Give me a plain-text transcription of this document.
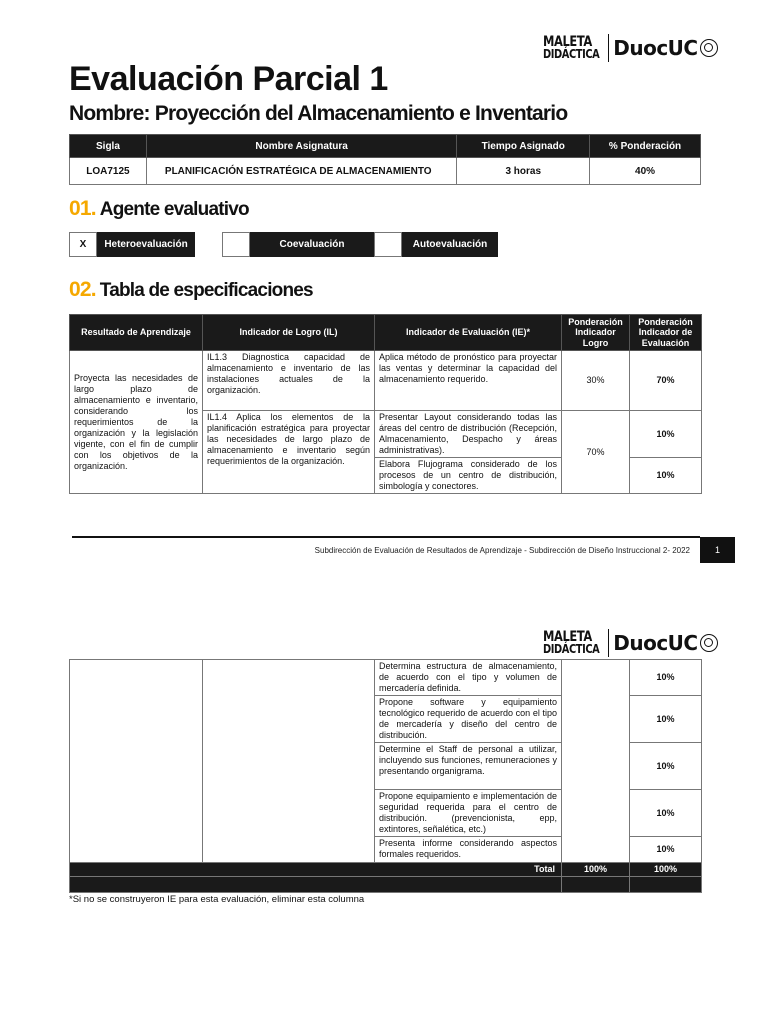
MALETA
DIDÁCTICA DuocUC
Evaluación Parcial 1
Nombre: Proyección del Almacenamiento e Inventario
Sigla	Nombre Asignatura	Tiempo Asignado	% Ponderación
LOA7125	PLANIFICACIÓN ESTRATÉGICA DE ALMACENAMIENTO	3 horas	40%
01. Agente evaluativo
X	Heteroevaluación	Coevaluación	Autoevaluación
02. Tabla de especificaciones
Resultado de Aprendizaje	Indicador de Logro (IL)	Indicador de Evaluación (IE)*	Ponderación Indicador Logro	Ponderación Indicador de Evaluación
Proyecta las necesidades de largo plazo de almacenamiento e inventario, considerando los requerimientos de la organización y la legislación vigente, con el fin de cumplir con los objetivos de la organización.	IL1.3 Diagnostica capacidad de almacenamiento e inventario de las instalaciones actuales de la organización.	Aplica método de pronóstico para proyectar las ventas y determinar la capacidad del almacenamiento requerido.	30%	70%
	IL1.4 Aplica los elementos de la planificación estratégica para proyectar las necesidades de largo plazo de almacenamiento e inventario según requerimientos de la organización.	Presentar Layout considerando todas las áreas del centro de distribución (Recepción, Almacenamiento, Despacho y áreas administrativas).	70%	10%
		Elabora Flujograma considerado de los procesos de un centro de distribución, simbología y conectores.		10%
Subdirección de Evaluación de Resultados de Aprendizaje - Subdirección de Diseño Instruccional 2- 2022	1
MALETA
DIDÁCTICA DuocUC
		Determina estructura de almacenamiento, de acuerdo con el tipo y volumen de mercadería definida.		10%
		Propone software y equipamiento tecnológico requerido de acuerdo con el tipo de mercadería y diseño del centro de distribución.		10%
		Determine el Staff de personal a utilizar, incluyendo sus funciones, remuneraciones y presentando organigrama.		10%
		Propone equipamiento e implementación de seguridad requerida para el centro de distribución. (prevencionista, epp, extintores, señalética, etc.)		10%
		Presenta informe considerando aspectos formales requeridos.		10%
Total			100%	100%

*Si no se construyeron IE para esta evaluación, eliminar esta columna
